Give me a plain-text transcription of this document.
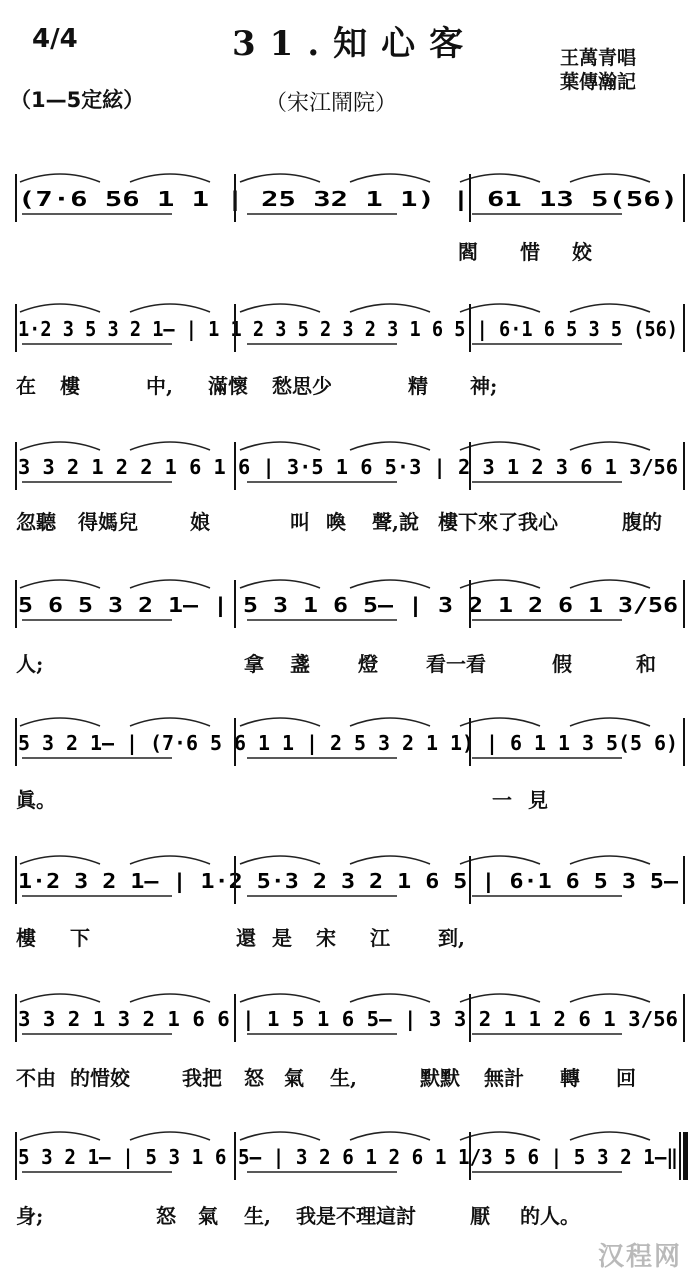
4/4	31.知心客	王萬青唱
葉傳瀚記
（1—5定絃）	（宋江鬧院）
(7·6 56 1 1 | 25 32 1 1) | 61 13 5(56)
1·2 3 5 3 2 1— | 1 1 2 3 5 2 3 2 3 1 6 5 | 6·1 6 5 3 5 (56)
3 3 2 1 2 2 1 6 1 6 | 3·5 1 6 5·3 | 2 3 1 2 3 6 1 3/56
5 6 5 3 2 1— | 5 3 1 6 5— | 3 2 1 2 6 1 3/56
5 3 2 1— | (7·6 5 6 1 1 | 2 5 3 2 1 1) | 6 1 1 3 5(5 6)
1·2 3 2 1— | 1·2 5·3 2 3 2 1 6 5 | 6·1 6 5 3 5—
3 3 2 1 3 2 1 6 6 | 1 5 1 6 5— | 3 3 2 1 1 2 6 1 3/56
5 3 2 1— | 5 3 1 6 5— | 3 2 6 1 2 6 1 1/3 5 6 | 5 3 2 1—‖
閻 惜 姣
在 樓	中, 滿懷 愁思少	精 神;
忽聽 得媽兒	娘	叫 喚 聲,說 樓下來了我心	腹的
人;	拿 盞 燈 看一看	假	和
眞。	一 見
樓 下	還 是 宋 江 到,
不由 的惜姣	我把 怒 氣 生,	默默 無計 轉 回
身;	怒 氣 生, 我是不理這討	厭 的人。
汉程网
